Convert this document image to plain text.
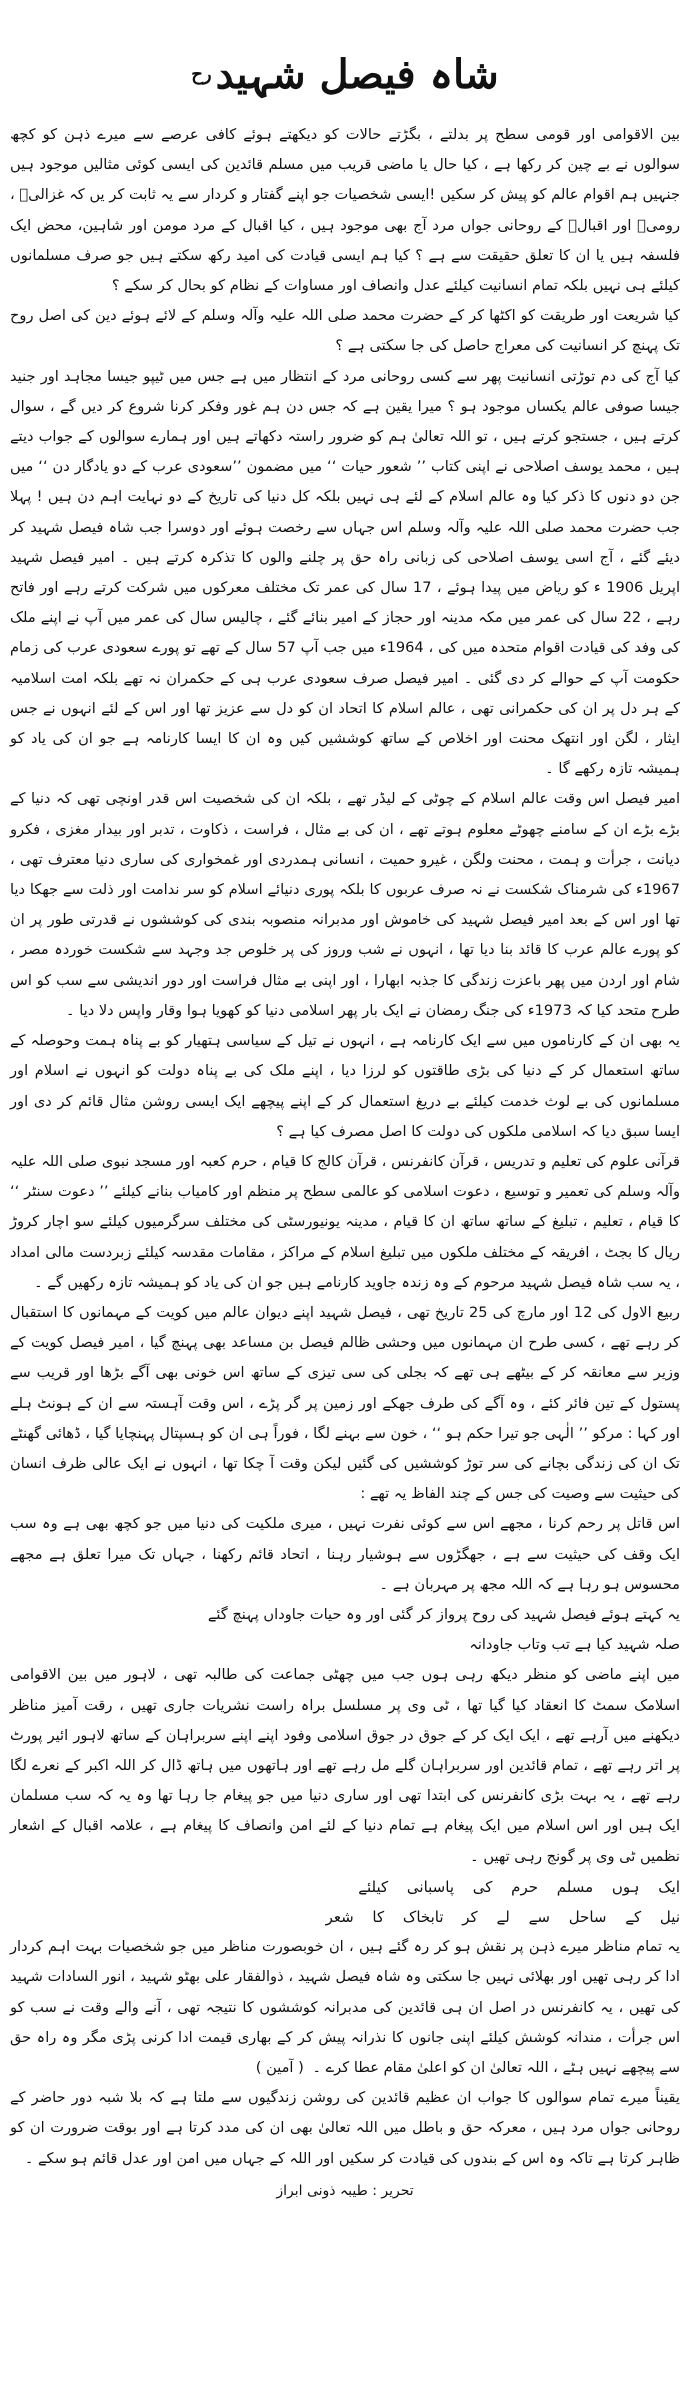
شاہ فیصل شہید$^{رح}$

بین الاقوامی اور قومی سطح پر بدلتے ، بگڑتے حالات کو دیکھتے ہوئے کافی عرصے سے میرے ذہن کو کچھ سوالوں نے بے چین کر رکھا ہے ، کیا حال یا ماضی قریب میں مسلم قائدین کی ایسی کوئی مثالیں موجود ہیں جنہیں ہم اقوام عالم کو پیش کر سکیں !ایسی شخصیات جو اپنے گفتار و کردار سے یہ ثابت کر یں کہ غزالیؒ ، رومیؒ اور اقبالؒ کے روحانی جواں مرد آج بھی موجود ہیں ، کیا اقبال کے مرد مومن اور شاہین، محض ایک فلسفہ ہیں یا ان کا تعلق حقیقت سے ہے ؟ کیا ہم ایسی قیادت کی امید رکھ سکتے ہیں جو صرف مسلمانوں کیلئے ہی نہیں بلکہ تمام انسانیت کیلئے عدل وانصاف اور مساوات کے نظام کو بحال کر سکے ؟

کیا شریعت اور طریقت کو اکٹھا کر کے حضرت محمد صلی اللہ علیہ وآلہ وسلم کے لائے ہوئے دین کی اصل روح تک پہنچ کر انسانیت کی معراج حاصل کی جا سکتی ہے ؟

کیا آج کی دم توڑتی انسانیت پھر سے کسی روحانی مرد کے انتظار میں ہے جس میں ٹیپو جیسا مجاہد اور جنید جیسا صوفی عالم یکساں موجود ہو ؟ میرا یقین ہے کہ جس دن ہم غور وفکر کرنا شروع کر دیں گے ، سوال کرتے ہیں ، جستجو کرتے ہیں ، تو اللہ تعالیٰ ہم کو ضرور راستہ دکھاتے ہیں اور ہمارے سوالوں کے جواب دیتے ہیں ، محمد یوسف اصلاحی نے اپنی کتاب ’’ شعور حیات ‘‘ میں مضمون ’’سعودی عرب کے دو یادگار دن ‘‘ میں جن دو دنوں کا ذکر کیا وہ عالم اسلام کے لئے ہی نہیں بلکہ کل دنیا کی تاریخ کے دو نہایت اہم دن ہیں ! پہلا جب حضرت محمد صلی اللہ علیہ وآلہ وسلم اس جہاں سے رخصت ہوئے اور دوسرا جب شاہ فیصل شہید کر دیئے گئے ، آج اسی یوسف اصلاحی کی زبانی راہ حق پر چلنے والوں کا تذکرہ کرتے ہیں ۔ امیر فیصل شہید اپریل 1906 ء کو ریاض میں پیدا ہوئے ، 17 سال کی عمر تک مختلف معرکوں میں شرکت کرتے رہے اور فاتح رہے ، 22 سال کی عمر میں مکہ مدینہ اور حجاز کے امیر بنائے گئے ، چالیس سال کی عمر میں آپ نے اپنے ملک کی وفد کی قیادت اقوام متحدہ میں کی ، 1964ء میں جب آپ 57 سال کے تھے تو پورے سعودی عرب کی زمام حکومت آپ کے حوالے کر دی گئی ۔ امیر فیصل صرف سعودی عرب ہی کے حکمران نہ تھے بلکہ امت اسلامیہ کے ہر دل پر ان کی حکمرانی تھی ، عالم اسلام کا اتحاد ان کو دل سے عزیز تھا اور اس کے لئے انہوں نے جس ایثار ، لگن اور انتھک محنت اور اخلاص کے ساتھ کوششیں کیں وہ ان کا ایسا کارنامہ ہے جو ان کی یاد کو ہمیشہ تازہ رکھے گا ۔

امیر فیصل اس وقت عالم اسلام کے چوٹی کے لیڈر تھے ، بلکہ ان کی شخصیت اس قدر اونچی تھی کہ دنیا کے بڑے بڑے ان کے سامنے چھوٹے معلوم ہوتے تھے ، ان کی بے مثال ، فراست ، ذکاوت ، تدبر اور بیدار مغزی ، فکرو دیانت ، جرأت و ہمت ، محنت ولگن ، غیرو حمیت ، انسانی ہمدردی اور غمخواری کی ساری دنیا معترف تھی ، 1967ء کی شرمناک شکست نے نہ صرف عربوں کا بلکہ پوری دنیائے اسلام کو سر ندامت اور ذلت سے جھکا دیا تھا اور اس کے بعد امیر فیصل شہید کی خاموش اور مدبرانہ منصوبہ بندی کی کوششوں نے قدرتی طور پر ان کو پورے عالم عرب کا قائد بنا دیا تھا ، انہوں نے شب وروز کی پر خلوص جد وجہد سے شکست خوردہ مصر ، شام اور اردن میں پھر باعزت زندگی کا جذبہ ابھارا ، اور اپنی بے مثال فراست اور دور اندیشی سے سب کو اس طرح متحد کیا کہ 1973ء کی جنگ رمضان نے ایک بار پھر اسلامی دنیا کو کھویا ہوا وقار واپس دلا دیا ۔

یہ بھی ان کے کارناموں میں سے ایک کارنامہ ہے ، انہوں نے تیل کے سیاسی ہتھیار کو بے پناہ ہمت وحوصلہ کے ساتھ استعمال کر کے دنیا کی بڑی طاقتوں کو لرزا دیا ، اپنے ملک کی بے پناہ دولت کو انہوں نے اسلام اور مسلمانوں کی بے لوث خدمت کیلئے بے دریغ استعمال کر کے اپنے پیچھے ایک ایسی روشن مثال قائم کر دی اور ایسا سبق دیا کہ اسلامی ملکوں کی دولت کا اصل مصرف کیا ہے ؟

قرآنی علوم کی تعلیم و تدریس ، قرآن کانفرنس ، قرآن کالج کا قیام ، حرم کعبہ اور مسجد نبوی صلی اللہ علیہ وآلہ وسلم کی تعمیر و توسیع ، دعوت اسلامی کو عالمی سطح پر منظم اور کامیاب بنانے کیلئے ’’ دعوت سنٹر ‘‘ کا قیام ، تعلیم ، تبلیغ کے ساتھ ساتھ ان کا قیام ، مدینہ یونیورسٹی کی مختلف سرگرمیوں کیلئے سو اچار کروڑ ریال کا بجٹ ، افریقہ کے مختلف ملکوں میں تبلیغ اسلام کے مراکز ، مقامات مقدسہ کیلئے زبردست مالی امداد ، یہ سب شاہ فیصل شہید مرحوم کے وہ زندہ جاوید کارنامے ہیں جو ان کی یاد کو ہمیشہ تازہ رکھیں گے ۔

ربیع الاول کی 12 اور مارچ کی 25 تاریخ تھی ، فیصل شہید اپنے دیوان عالم میں کویت کے مہمانوں کا استقبال کر رہے تھے ، کسی طرح ان مہمانوں میں وحشی ظالم فیصل بن مساعد بھی پہنچ گیا ، امیر فیصل کویت کے وزیر سے معانقہ کر کے بیٹھے ہی تھے کہ بجلی کی سی تیزی کے ساتھ اس خونی بھی آگے بڑھا اور قریب سے پستول کے تین فائر کئے ، وہ آگے کی طرف جھکے اور زمین پر گر پڑے ، اس وقت آہستہ سے ان کے ہونٹ ہلے اور کہا : مرکو ’’ الٰہی جو تیرا حکم ہو ‘‘ ، خون سے بہنے لگا ، فوراً ہی ان کو ہسپتال پہنچایا گیا ، ڈھائی گھنٹے تک ان کی زندگی بچانے کی سر توڑ کوششیں کی گئیں لیکن وقت آ چکا تھا ، انہوں نے ایک عالی ظرف انسان کی حیثیت سے وصیت کی جس کے چند الفاظ یہ تھے :

اس قاتل پر رحم کرنا ، مجھے اس سے کوئی نفرت نہیں ، میری ملکیت کی دنیا میں جو کچھ بھی ہے وہ سب ایک وقف کی حیثیت سے ہے ، جھگڑوں سے ہوشیار رہنا ، اتحاد قائم رکھنا ، جہاں تک میرا تعلق ہے مجھے محسوس ہو رہا ہے کہ اللہ مجھ پر مہربان ہے ۔

یہ کہتے ہوئے فیصل شہید کی روح پرواز کر گئی اور وہ حیات جاوداں پہنچ گئے

صلہ شہید کیا ہے تب وتاب جاودانہ

میں اپنے ماضی کو منظر دیکھ رہی ہوں جب میں چھٹی جماعت کی طالبہ تھی ، لاہور میں بین الاقوامی اسلامک سمٹ کا انعقاد کیا گیا تھا ، ٹی وی پر مسلسل براہ راست نشریات جاری تھیں ، رقت آمیز مناظر دیکھنے میں آرہے تھے ، ایک ایک کر کے جوق در جوق اسلامی وفود اپنے اپنے سربراہان کے ساتھ لاہور ائیر پورٹ پر اتر رہے تھے ، تمام قائدین اور سربراہان گلے مل رہے تھے اور ہاتھوں میں ہاتھ ڈال کر اللہ اکبر کے نعرے لگا رہے تھے ، یہ بہت بڑی کانفرنس کی ابتدا تھی اور ساری دنیا میں جو پیغام جا رہا تھا وہ یہ کہ سب مسلمان ایک ہیں اور اس اسلام میں ایک پیغام ہے تمام دنیا کے لئے امن وانصاف کا پیغام ہے ، علامہ اقبال کے اشعار نظمیں ٹی وی پر گونج رہی تھیں ۔

ایک ہوں مسلم حرم کی پاسبانی کیلئے
نیل کے ساحل سے لے کر تابخاک کا شعر

یہ تمام مناظر میرے ذہن پر نقش ہو کر رہ گئے ہیں ، ان خوبصورت مناظر میں جو شخصیات بہت اہم کردار ادا کر رہی تھیں اور بھلائی نہیں جا سکتی وہ شاہ فیصل شہید ، ذوالفقار علی بھٹو شہید ، انور السادات شہید کی تھیں ، یہ کانفرنس در اصل ان ہی قائدین کی مدبرانہ کوششوں کا نتیجہ تھی ، آنے والے وقت نے سب کو اس جرأت ، مندانہ کوشش کیلئے اپنی جانوں کا نذرانہ پیش کر کے بھاری قیمت ادا کرنی پڑی مگر وہ راہ حق سے پیچھے نہیں ہٹے ، اللہ تعالیٰ ان کو اعلیٰ مقام عطا کرے ۔ ( آمین )

یقیناً میرے تمام سوالوں کا جواب ان عظیم قائدین کی روشن زندگیوں سے ملتا ہے کہ بلا شبہ دور حاضر کے روحانی جواں مرد ہیں ، معرکہ حق و باطل میں اللہ تعالیٰ بھی ان کی مدد کرتا ہے اور بوقت ضرورت ان کو ظاہر کرتا ہے تاکہ وہ اس کے بندوں کی قیادت کر سکیں اور اللہ کے جہاں میں امن اور عدل قائم ہو سکے ۔

تحریر : طیبہ ذونی ابراز
